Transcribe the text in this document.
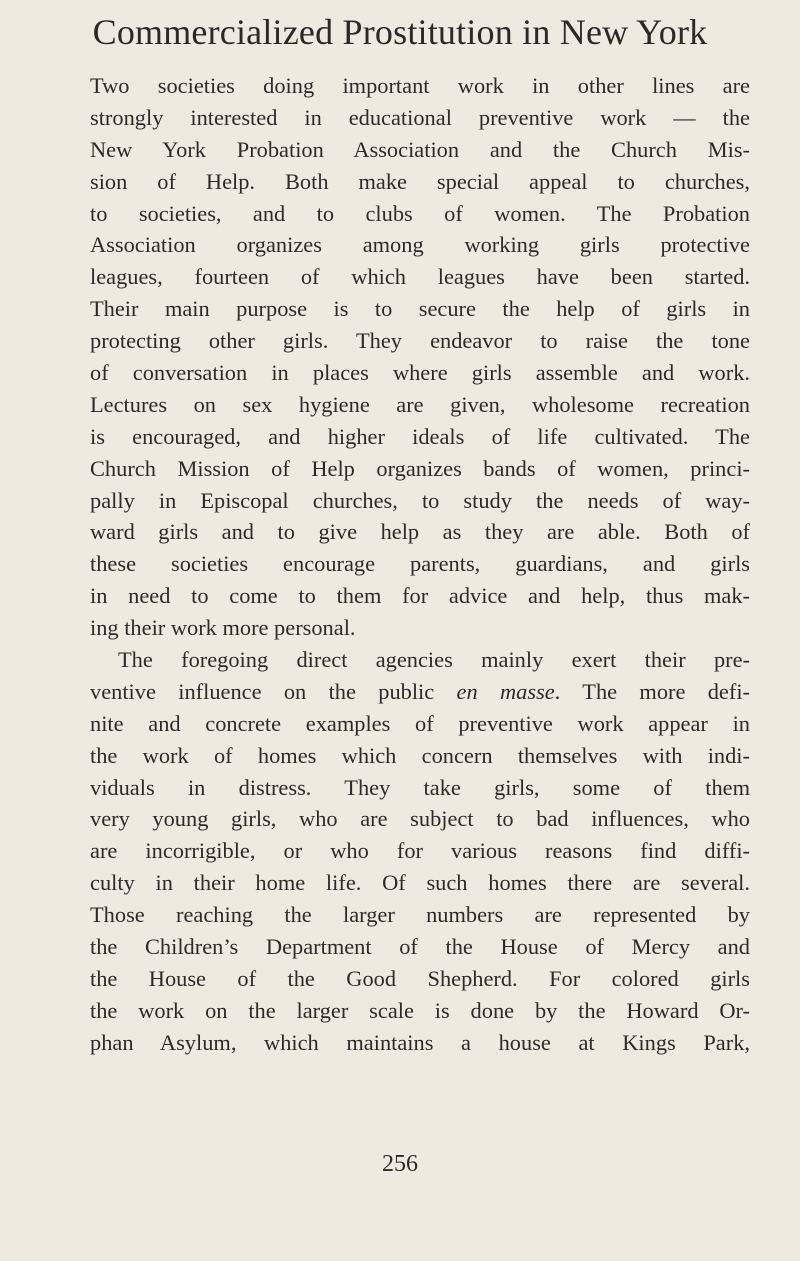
Commercialized Prostitution in New York
Two societies doing important work in other lines are
strongly interested in educational preventive work — the
New York Probation Association and the Church Mis-
sion of Help. Both make special appeal to churches,
to societies, and to clubs of women. The Probation
Association organizes among working girls protective
leagues, fourteen of which leagues have been started.
Their main purpose is to secure the help of girls in
protecting other girls. They endeavor to raise the tone
of conversation in places where girls assemble and work.
Lectures on sex hygiene are given, wholesome recreation
is encouraged, and higher ideals of life cultivated. The
Church Mission of Help organizes bands of women, princi-
pally in Episcopal churches, to study the needs of way-
ward girls and to give help as they are able. Both of
these societies encourage parents, guardians, and girls
in need to come to them for advice and help, thus mak-
ing their work more personal.
The foregoing direct agencies mainly exert their pre-
ventive influence on the public en masse. The more defi-
nite and concrete examples of preventive work appear in
the work of homes which concern themselves with indi-
viduals in distress. They take girls, some of them
very young girls, who are subject to bad influences, who
are incorrigible, or who for various reasons find diffi-
culty in their home life. Of such homes there are several.
Those reaching the larger numbers are represented by
the Children’s Department of the House of Mercy and
the House of the Good Shepherd. For colored girls
the work on the larger scale is done by the Howard Or-
phan Asylum, which maintains a house at Kings Park,
256
